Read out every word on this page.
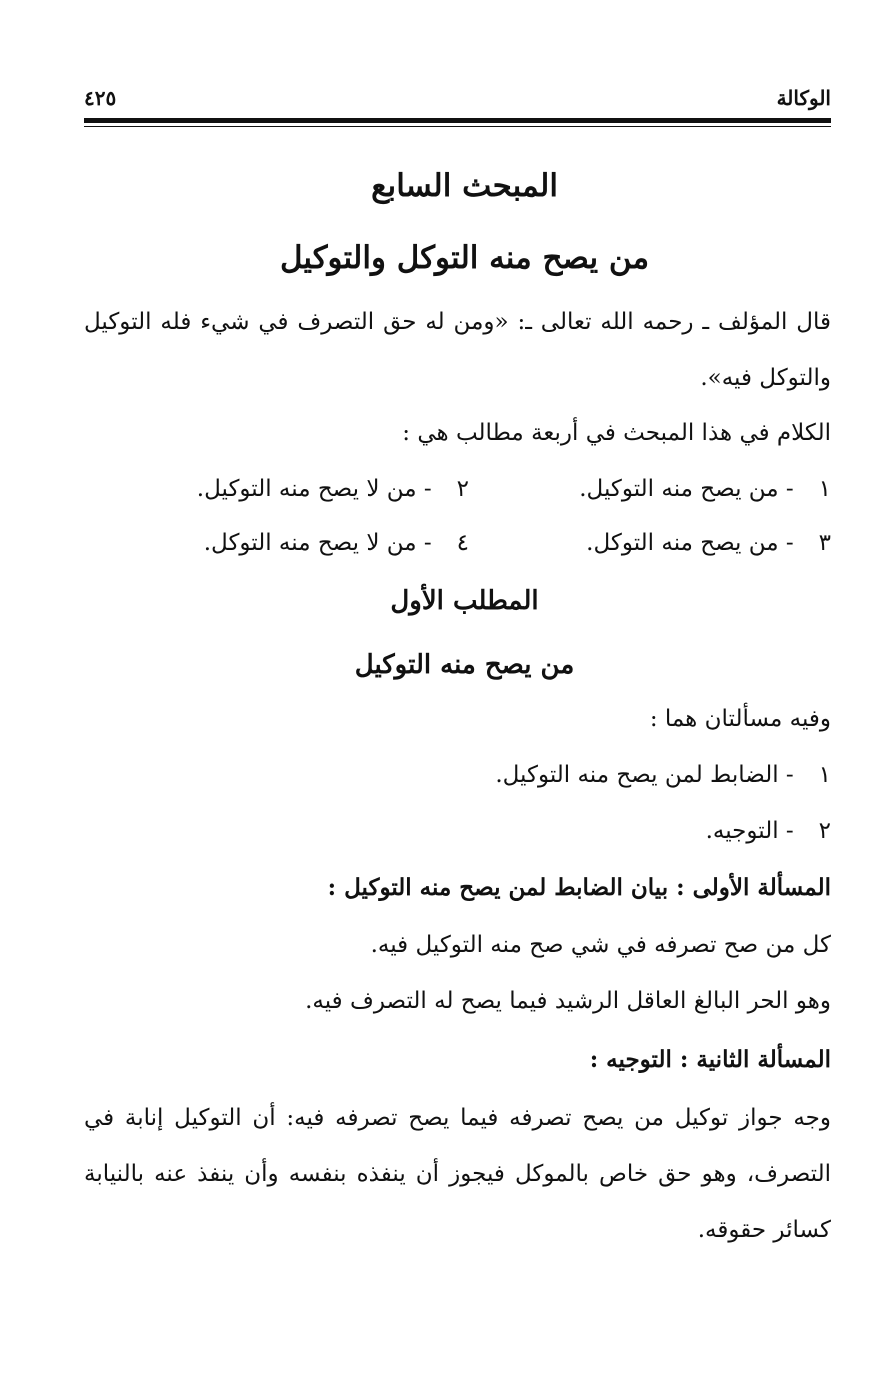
الوكالة
٤٢٥
المبحث السابع
من يصح منه التوكل والتوكيل
قال المؤلف ـ رحمه الله تعالى ـ: «ومن له حق التصرف في شيء فله التوكيل والتوكل فيه».
الكلام في هذا المبحث في أربعة مطالب هي :
١ - من يصح منه التوكيل.
٢ - من لا يصح منه التوكيل.
٣ - من يصح منه التوكل.
٤ - من لا يصح منه التوكل.
المطلب الأول
من يصح منه التوكيل
وفيه مسألتان هما :
١ - الضابط لمن يصح منه التوكيل.
٢ - التوجيه.
المسألة الأولى : بيان الضابط لمن يصح منه التوكيل :
كل من صح تصرفه في شي صح منه التوكيل فيه.
وهو الحر البالغ العاقل الرشيد فيما يصح له التصرف فيه.
المسألة الثانية : التوجيه :
وجه جواز توكيل من يصح تصرفه فيما يصح تصرفه فيه: أن التوكيل إنابة في التصرف، وهو حق خاص بالموكل فيجوز أن ينفذه بنفسه وأن ينفذ عنه بالنيابة كسائر حقوقه.
